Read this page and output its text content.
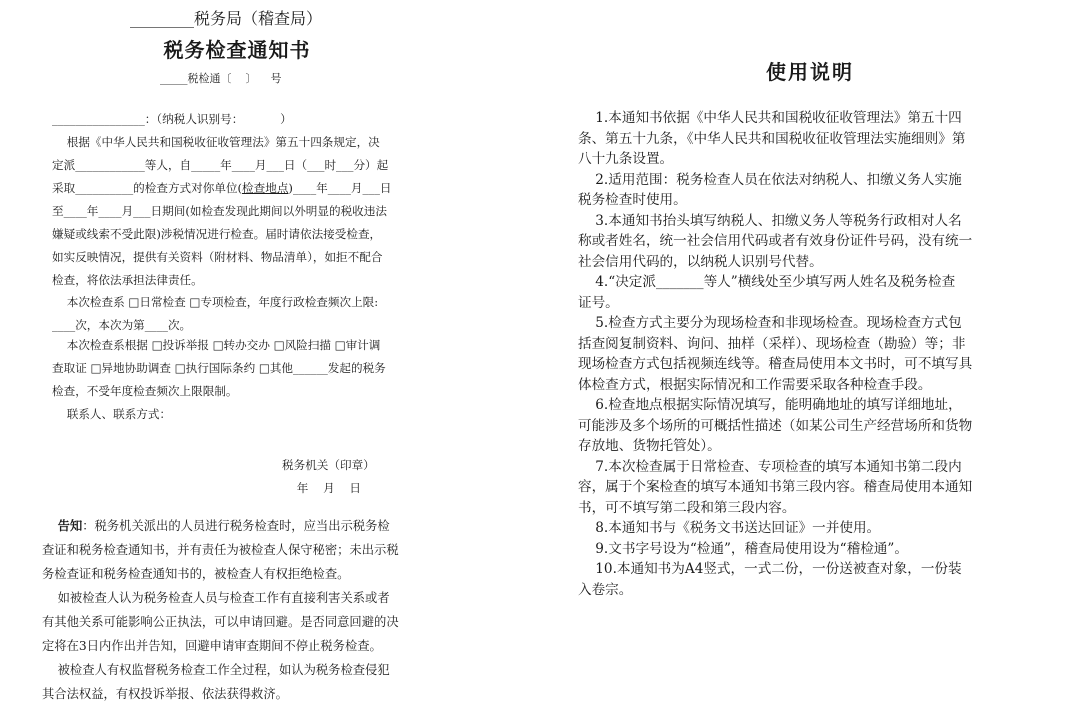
________税务局（稽查局）
税务检查通知书
_____税检通〔    〕    号
________________：（纳税人识别号：          ）
根据《中华人民共和国税收征收管理法》第五十四条规定，决
定派____________等人，自_____年____月___日（___时___分）起
采取__________的检查方式对你单位(检查地点)____年____月___日
至____年____月___日期间(如检查发现此期间以外明显的税收违法
嫌疑或线索不受此限)涉税情况进行检查。届时请依法接受检查，
如实反映情况，提供有关资料（附材料、物品清单），如拒不配合
检查，将依法承担法律责任。
本次检查系 □日常检查 □专项检查，年度行政检查频次上限:
____次，本次为第____次。
本次检查系根据 □投诉举报 □转办交办 □风险扫描 □审计调
查取证 □异地协助调查 □执行国际条约 □其他______发起的税务
检查，不受年度检查频次上限限制。
联系人、联系方式：
税务机关（印章）
年    月    日
告知：税务机关派出的人员进行税务检查时，应当出示税务检
查证和税务检查通知书，并有责任为被检查人保守秘密；未出示税
务检查证和税务检查通知书的，被检查人有权拒绝检查。
如被检查人认为税务检查人员与检查工作有直接利害关系或者
有其他关系可能影响公正执法，可以申请回避。是否同意回避的决
定将在3日内作出并告知，回避申请审查期间不停止税务检查。
被检查人有权监督税务检查工作全过程，如认为税务检查侵犯
其合法权益，有权投诉举报、依法获得救济。
使用说明
1.本通知书依据《中华人民共和国税收征收管理法》第五十四
条、第五十九条，《中华人民共和国税收征收管理法实施细则》第
八十九条设置。
2.适用范围：税务检查人员在依法对纳税人、扣缴义务人实施
税务检查时使用。
3.本通知书抬头填写纳税人、扣缴义务人等税务行政相对人名
称或者姓名，统一社会信用代码或者有效身份证件号码，没有统一
社会信用代码的，以纳税人识别号代替。
4.“决定派_______等人”横线处至少填写两人姓名及税务检查
证号。
5.检查方式主要分为现场检查和非现场检查。现场检查方式包
括查阅复制资料、询问、抽样（采样）、现场检查（勘验）等；非
现场检查方式包括视频连线等。稽查局使用本文书时，可不填写具
体检查方式，根据实际情况和工作需要采取各种检查手段。
6.检查地点根据实际情况填写，能明确地址的填写详细地址，
可能涉及多个场所的可概括性描述（如某公司生产经营场所和货物
存放地、货物托管处）。
7.本次检查属于日常检查、专项检查的填写本通知书第二段内
容，属于个案检查的填写本通知书第三段内容。稽查局使用本通知
书，可不填写第二段和第三段内容。
8.本通知书与《税务文书送达回证》一并使用。
9.文书字号设为“检通”，稽查局使用设为“稽检通”。
10.本通知书为A4竖式，一式二份，一份送被查对象，一份装
入卷宗。
